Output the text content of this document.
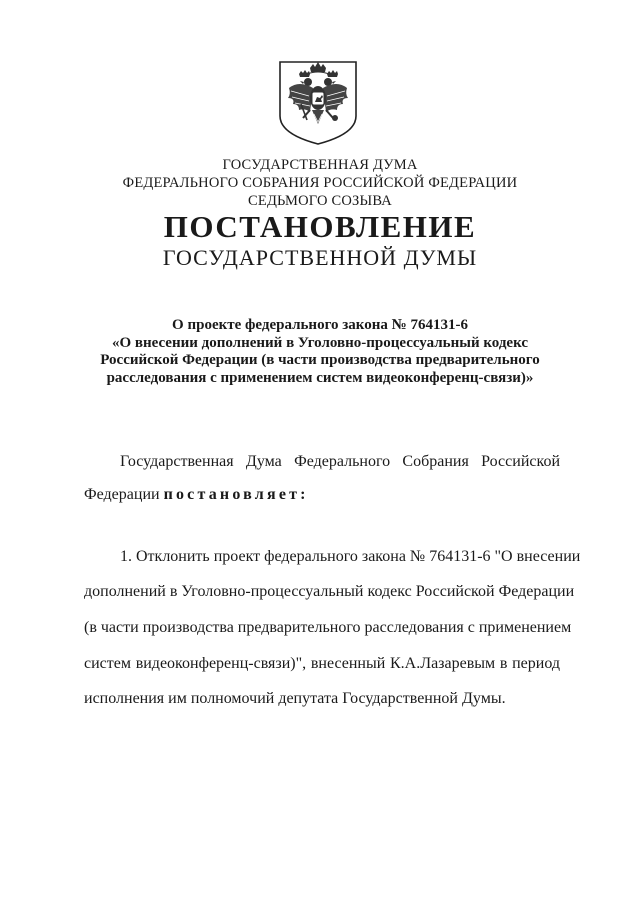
ГОСУДАРСТВЕННАЯ ДУМА
ФЕДЕРАЛЬНОГО СОБРАНИЯ РОССИЙСКОЙ ФЕДЕРАЦИИ
СЕДЬМОГО СОЗЫВА
ПОСТАНОВЛЕНИЕ
ГОСУДАРСТВЕННОЙ ДУМЫ
О проекте федерального закона № 764131-6
«О внесении дополнений в Уголовно-процессуальный кодекс
Российской Федерации (в части производства предварительного
расследования с применением систем видеоконференц-связи)»
Государственная Дума Федерального Собрания Российской
Федерации постановляет:
1. Отклонить проект федерального закона № 764131-6 "О внесении
дополнений в Уголовно-процессуальный кодекс Российской Федерации
(в части производства предварительного расследования с применением
систем видеоконференц-связи)", внесенный К.А.Лазаревым в период
исполнения им полномочий депутата Государственной Думы.
